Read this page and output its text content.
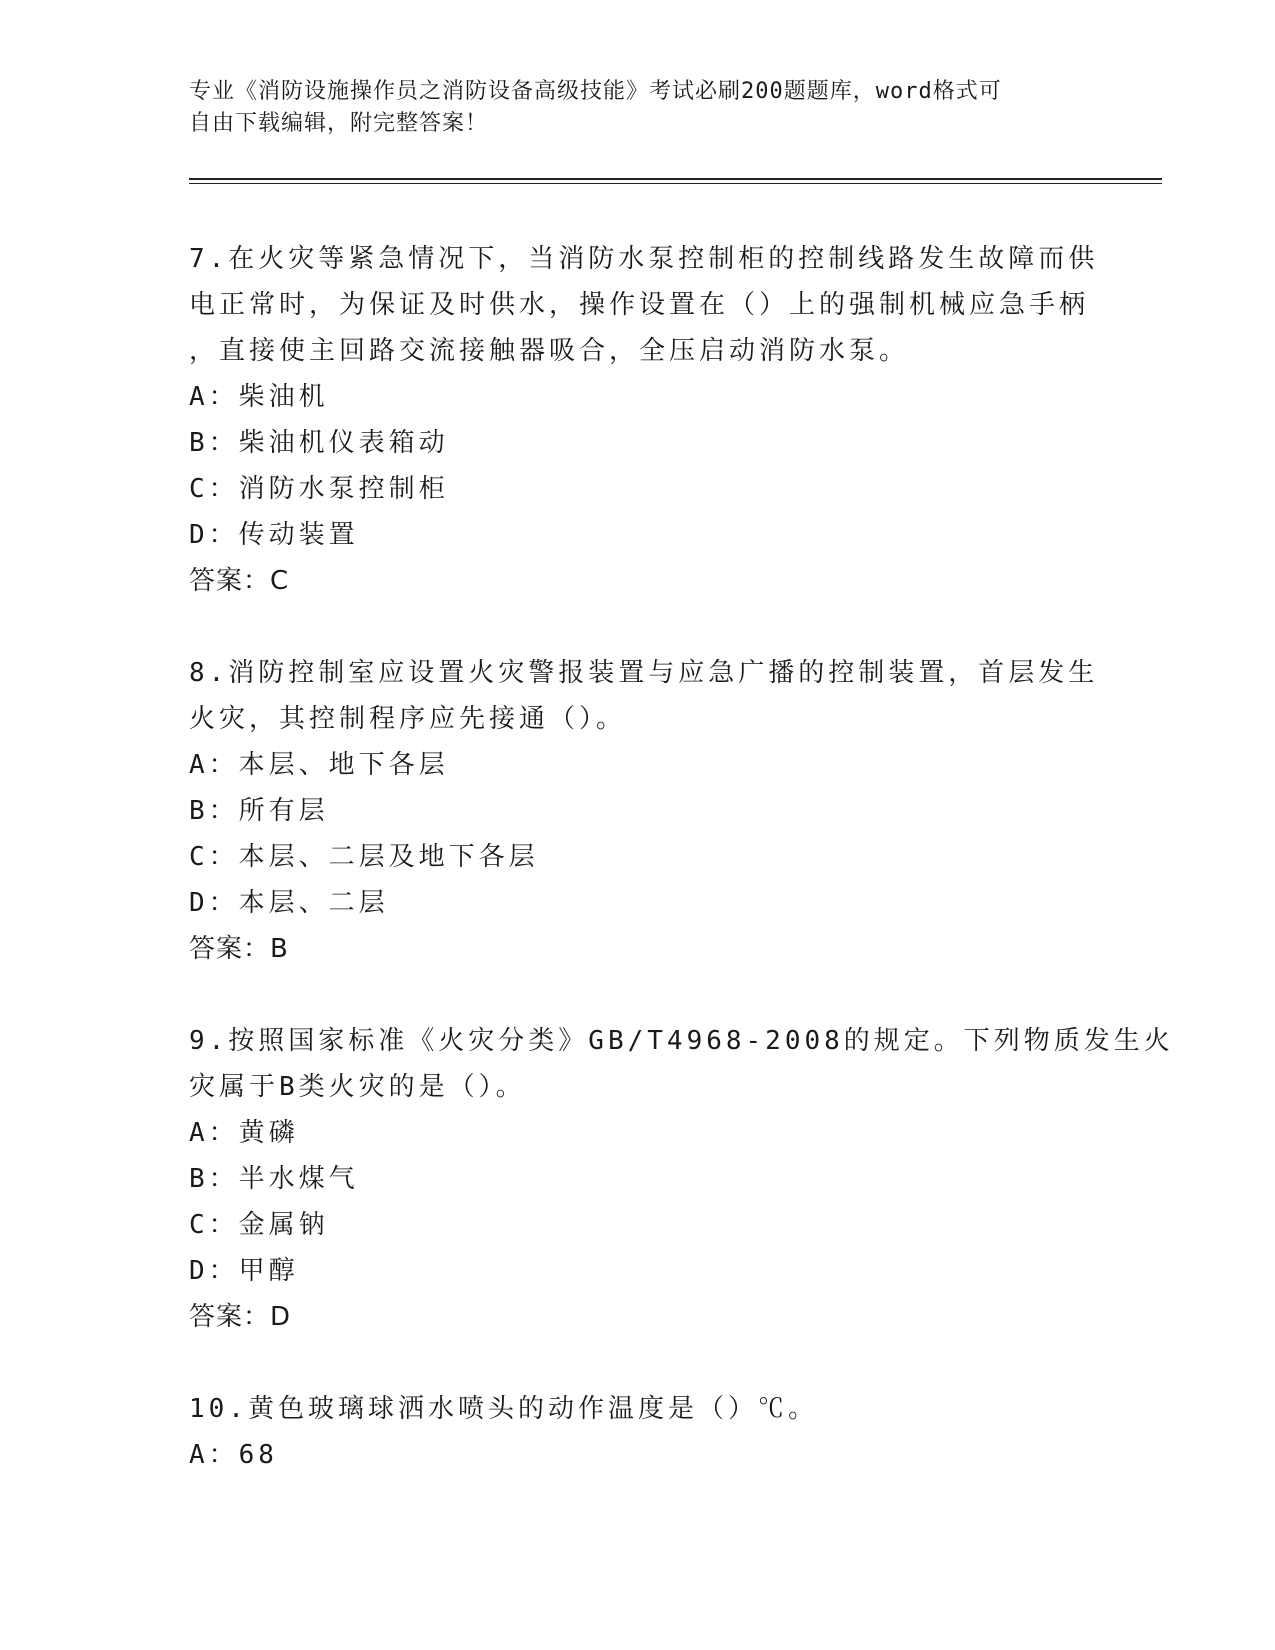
专业《消防设施操作员之消防设备高级技能》考试必刷200题题库，word格式可
自由下载编辑，附完整答案！
7.在火灾等紧急情况下，当消防水泵控制柜的控制线路发生故障而供
电正常时，为保证及时供水，操作设置在（）上的强制机械应急手柄
，直接使主回路交流接触器吸合，全压启动消防水泵。
A：柴油机
B：柴油机仪表箱动
C：消防水泵控制柜
D：传动装置
答案：C
8.消防控制室应设置火灾警报装置与应急广播的控制装置，首层发生
火灾，其控制程序应先接通（）。
A：本层、地下各层
B：所有层
C：本层、二层及地下各层
D：本层、二层
答案：B
9.按照国家标准《火灾分类》GB/T4968-2008的规定。下列物质发生火
灾属于B类火灾的是（）。
A：黄磷
B：半水煤气
C：金属钠
D：甲醇
答案：D
10.黄色玻璃球洒水喷头的动作温度是（）℃。
A：68
